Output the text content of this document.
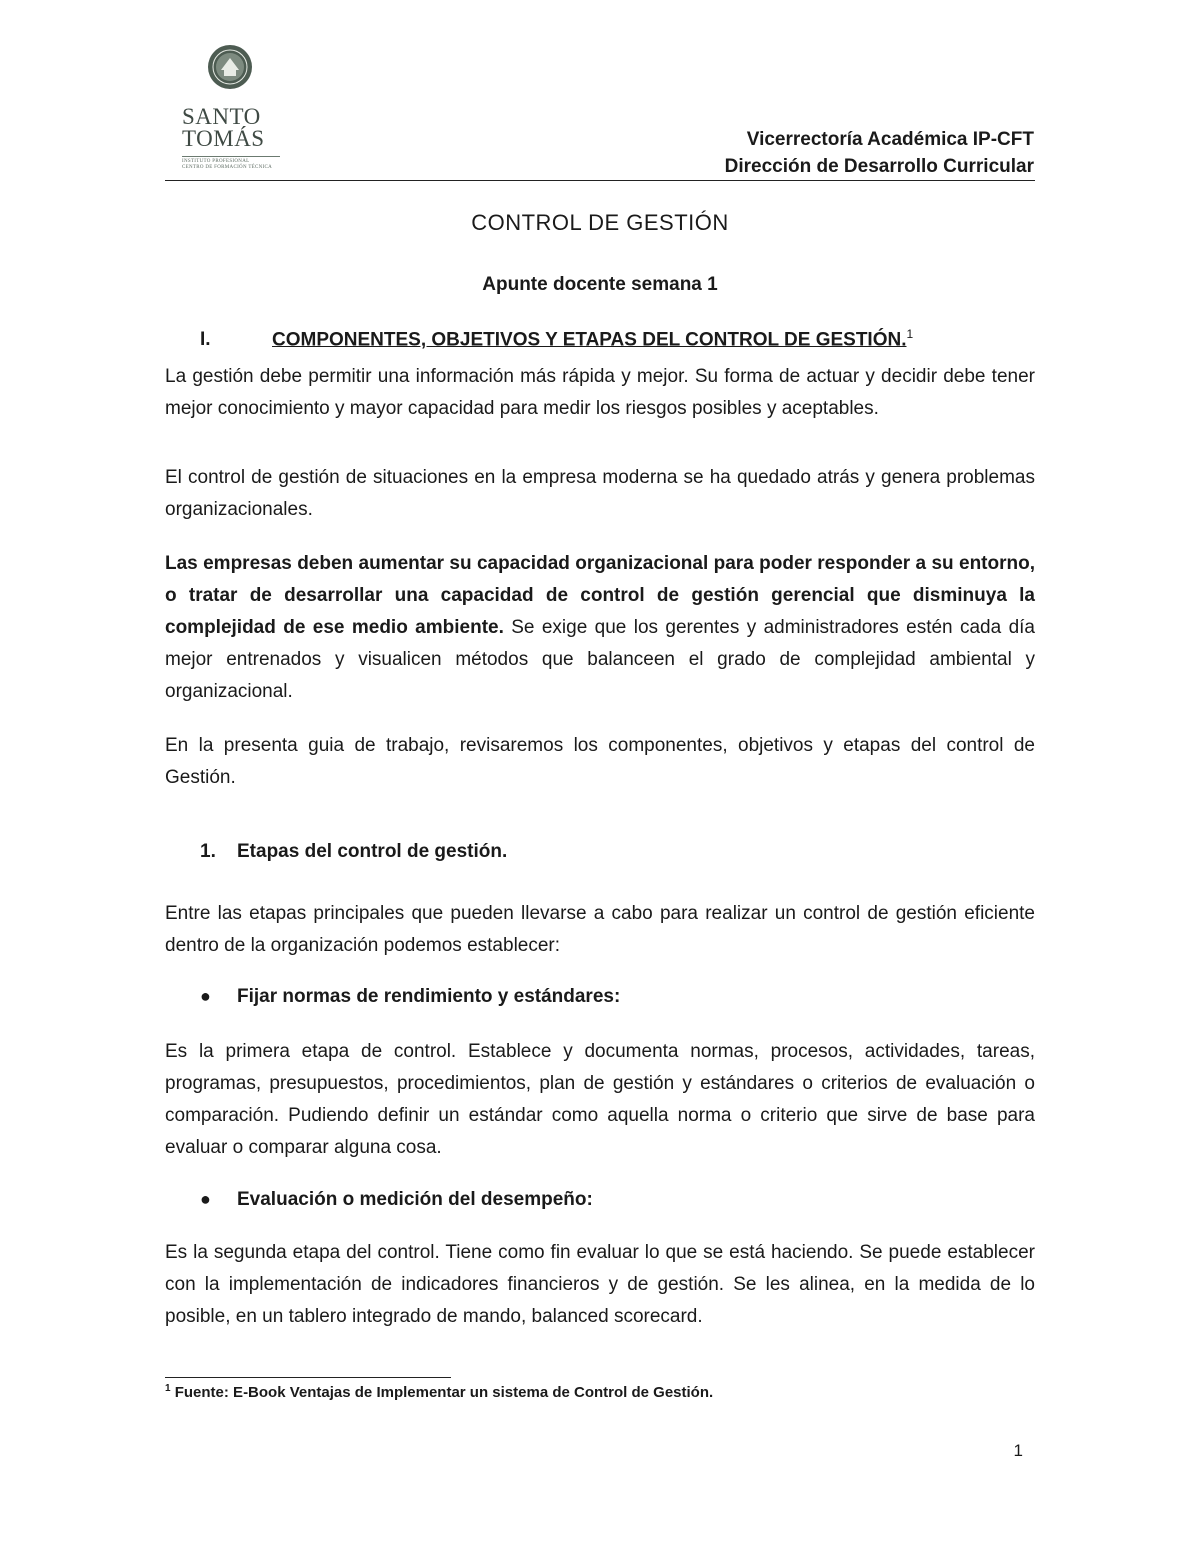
SANTO
TOMÁS
INSTITUTO PROFESIONAL
CENTRO DE FORMACIÓN TÉCNICA
Vicerrectoría Académica IP-CFT
Dirección de Desarrollo Curricular
CONTROL DE GESTIÓN
Apunte docente semana 1
I.	COMPONENTES, OBJETIVOS Y ETAPAS DEL CONTROL DE GESTIÓN.$^1$

La gestión debe permitir una información más rápida y mejor. Su forma de actuar y decidir debe tener mejor conocimiento y mayor capacidad para medir los riesgos posibles y aceptables.

El control de gestión de situaciones en la empresa moderna se ha quedado atrás y genera problemas organizacionales.

Las empresas deben aumentar su capacidad organizacional para poder responder a su entorno, o tratar de desarrollar una capacidad de control de gestión gerencial que disminuya la complejidad de ese medio ambiente. Se exige que los gerentes y administradores estén cada día mejor entrenados y visualicen métodos que balanceen el grado de complejidad ambiental y organizacional.

En la presenta guia de trabajo, revisaremos los componentes, objetivos y etapas del control de Gestión.

1. Etapas del control de gestión.

Entre las etapas principales que pueden llevarse a cabo para realizar un control de gestión eficiente dentro de la organización podemos establecer:

● Fijar normas de rendimiento y estándares:

Es la primera etapa de control. Establece y documenta normas, procesos, actividades, tareas, programas, presupuestos, procedimientos, plan de gestión y estándares o criterios de evaluación o comparación. Pudiendo definir un estándar como aquella norma o criterio que sirve de base para evaluar o comparar alguna cosa.

● Evaluación o medición del desempeño:

Es la segunda etapa del control. Tiene como fin evaluar lo que se está haciendo. Se puede establecer con la implementación de indicadores financieros y de gestión. Se les alinea, en la medida de lo posible, en un tablero integrado de mando, balanced scorecard.

$^1$ Fuente: E-Book Ventajas de Implementar un sistema de Control de Gestión.
1
